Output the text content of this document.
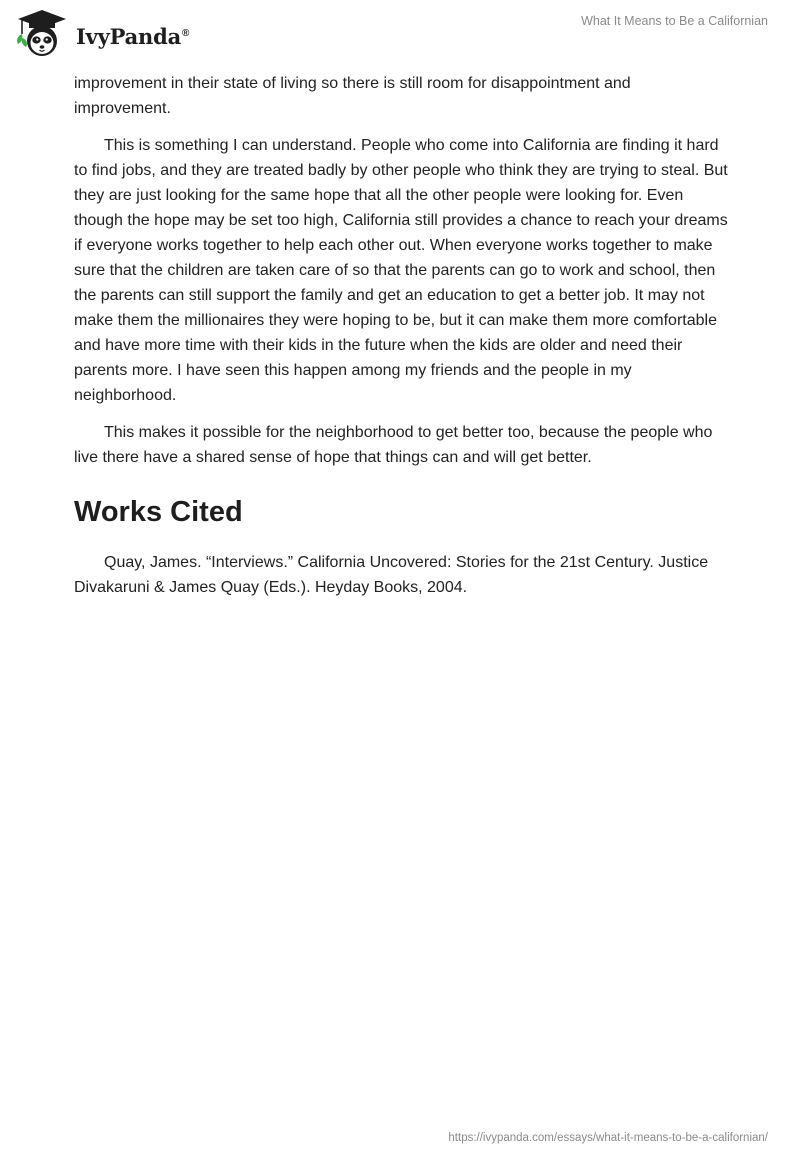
IvyPanda®
What It Means to Be a Californian

improvement in their state of living so there is still room for disappointment and improvement.

This is something I can understand. People who come into California are finding it hard to find jobs, and they are treated badly by other people who think they are trying to steal. But they are just looking for the same hope that all the other people were looking for. Even though the hope may be set too high, California still provides a chance to reach your dreams if everyone works together to help each other out. When everyone works together to make sure that the children are taken care of so that the parents can go to work and school, then the parents can still support the family and get an education to get a better job. It may not make them the millionaires they were hoping to be, but it can make them more comfortable and have more time with their kids in the future when the kids are older and need their parents more. I have seen this happen among my friends and the people in my neighborhood.

This makes it possible for the neighborhood to get better too, because the people who live there have a shared sense of hope that things can and will get better.

Works Cited

Quay, James. “Interviews.” California Uncovered: Stories for the 21st Century. Justice Divakaruni & James Quay (Eds.). Heyday Books, 2004.

https://ivypanda.com/essays/what-it-means-to-be-a-californian/
